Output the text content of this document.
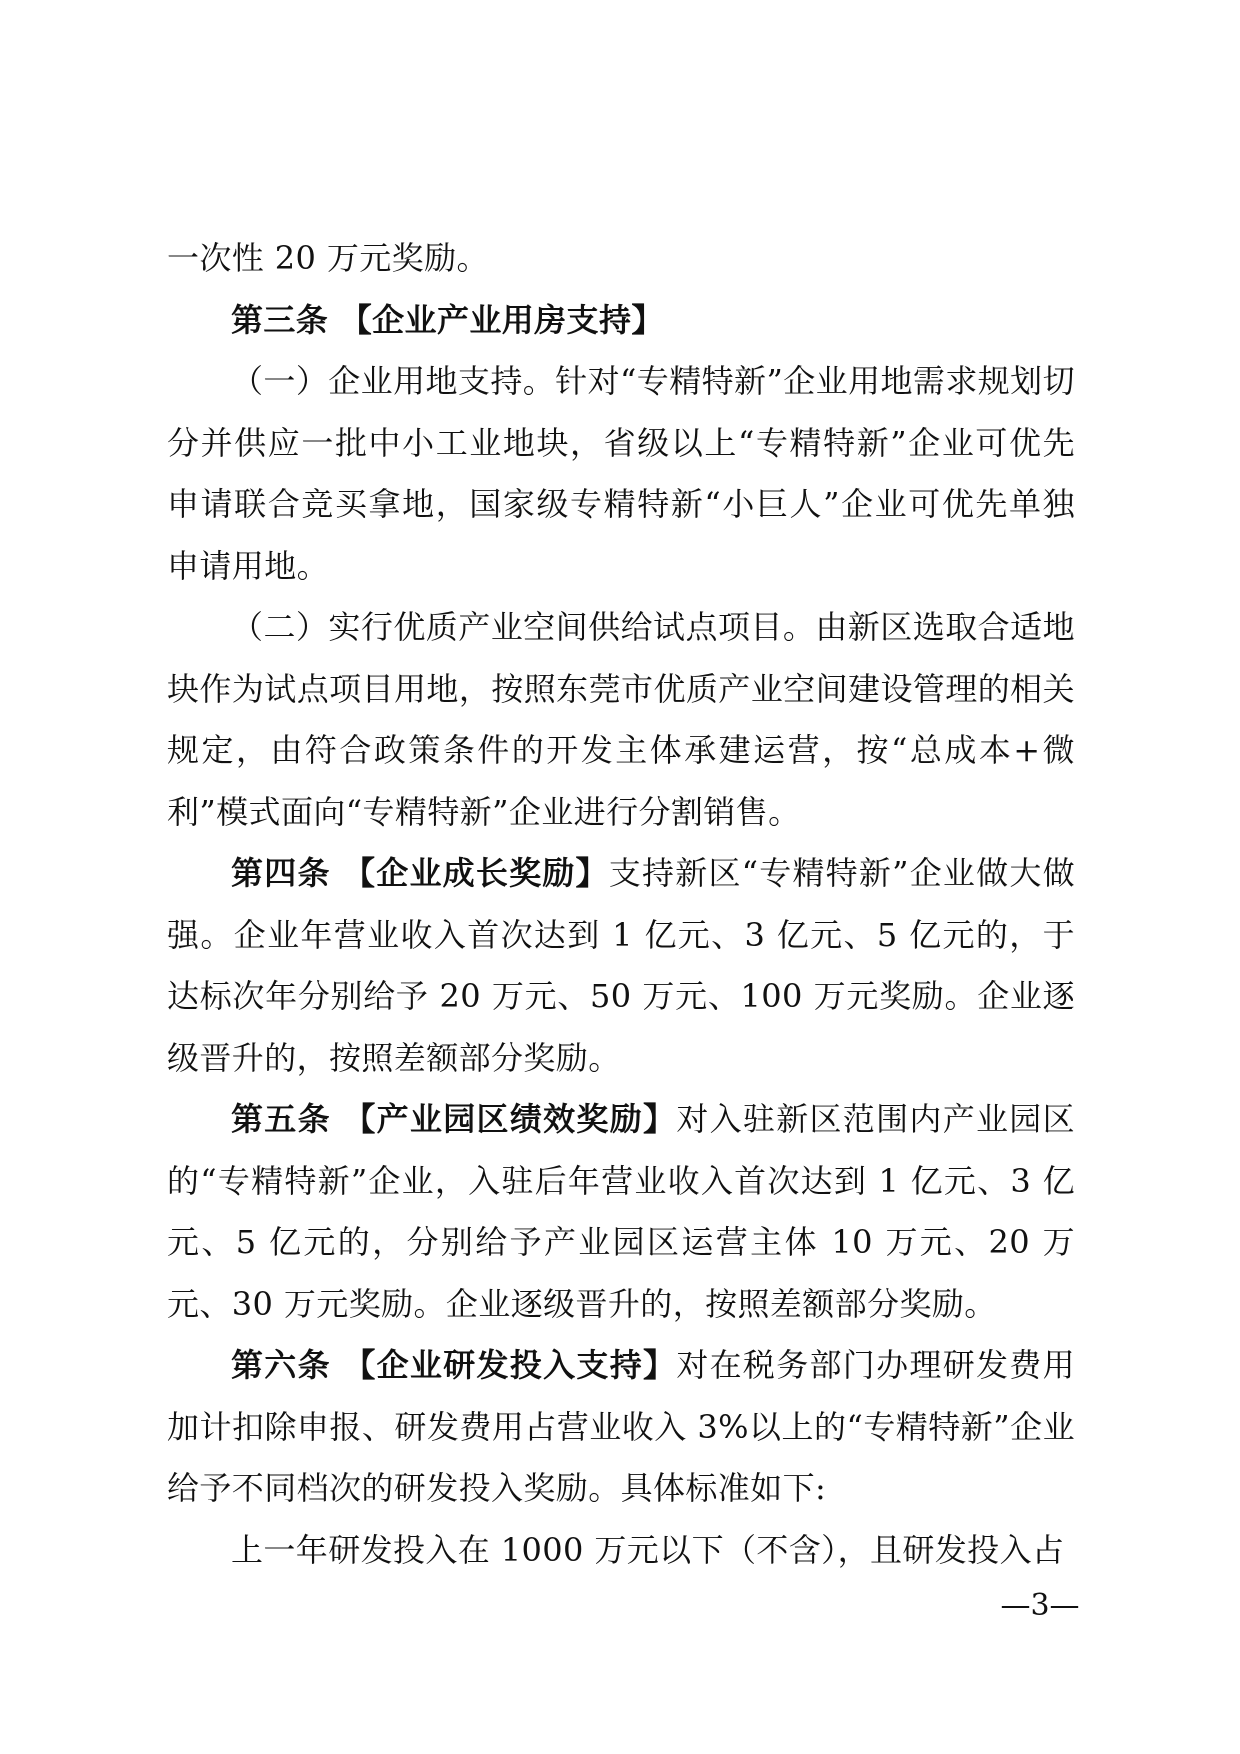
一次性 20 万元奖励。

第三条 【企业产业用房支持】

（一）企业用地支持。针对“专精特新”企业用地需求规划切分并供应一批中小工业地块，省级以上“专精特新”企业可优先申请联合竞买拿地，国家级专精特新“小巨人”企业可优先单独申请用地。

（二）实行优质产业空间供给试点项目。由新区选取合适地块作为试点项目用地，按照东莞市优质产业空间建设管理的相关规定，由符合政策条件的开发主体承建运营，按“总成本+微利”模式面向“专精特新”企业进行分割销售。

第四条 【企业成长奖励】支持新区“专精特新”企业做大做强。企业年营业收入首次达到 1 亿元、3 亿元、5 亿元的，于达标次年分别给予 20 万元、50 万元、100 万元奖励。企业逐级晋升的，按照差额部分奖励。

第五条 【产业园区绩效奖励】对入驻新区范围内产业园区的“专精特新”企业，入驻后年营业收入首次达到 1 亿元、3 亿元、5 亿元的，分别给予产业园区运营主体 10 万元、20 万元、30 万元奖励。企业逐级晋升的，按照差额部分奖励。

第六条 【企业研发投入支持】对在税务部门办理研发费用加计扣除申报、研发费用占营业收入 3%以上的“专精特新”企业给予不同档次的研发投入奖励。具体标准如下:

上一年研发投入在 1000 万元以下（不含），且研发投入占

—3—
